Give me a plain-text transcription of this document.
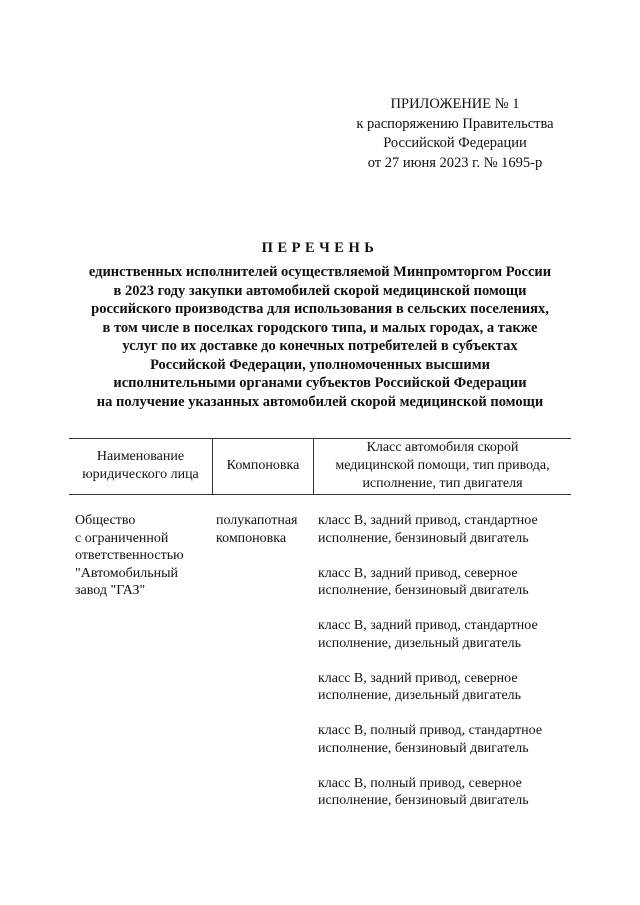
ПРИЛОЖЕНИЕ № 1
к распоряжению Правительства
Российской Федерации
от 27 июня 2023 г. № 1695-р
ПЕРЕЧЕНЬ
единственных исполнителей осуществляемой Минпромторгом России
в 2023 году закупки автомобилей скорой медицинской помощи
российского производства для использования в сельских поселениях,
в том числе в поселках городского типа, и малых городах, а также
услуг по их доставке до конечных потребителей в субъектах
Российской Федерации, уполномоченных высшими
исполнительными органами субъектов Российской Федерации
на получение указанных автомобилей скорой медицинской помощи
Наименование
юридического лица
Компоновка
Класс автомобиля скорой
медицинской помощи, тип привода,
исполнение, тип двигателя
Общество
с ограниченной
ответственностью
"Автомобильный
завод "ГАЗ"
полукапотная
компоновка
класс В, задний привод, стандартное
исполнение, бензиновый двигатель
класс В, задний привод, северное
исполнение, бензиновый двигатель
класс В, задний привод, стандартное
исполнение, дизельный двигатель
класс В, задний привод, северное
исполнение, дизельный двигатель
класс В, полный привод, стандартное
исполнение, бензиновый двигатель
класс В, полный привод, северное
исполнение, бензиновый двигатель
